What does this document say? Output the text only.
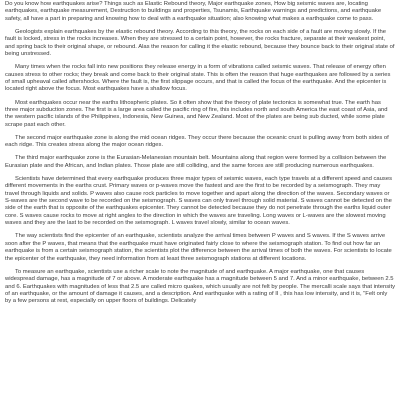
Do you know how earthquakes arise? Things such as Elastic Rebound theory, Major earthquake zones, How big seismic waves are, locating earthquakes, earthquake measurement, Destruction to buildings and properties, Tsunamis, Earthquake warnings and predictions, and earthquake safety, all have a part in preparing and knowing how to deal with a earthquake situation; also knowing what makes a earthquake come to pass.

Geologists explain earthquakes by the elastic rebound theory. According to this theory, the rocks on each side of a fault are moving slowly. If the fault is locked, stress in the rocks increases. When they are stressed to a certain point, however, the rocks fracture, separate at their weakest point, and spring back to their original shape, or rebound. Alas the reason for calling it the elastic rebound, because they bounce back to their original state of being unstressed.

Many times when the rocks fall into new positions they release energy in a form of vibrations called seismic waves. That release of energy often causes stress to other rocks; they break and come back to their original state. This is often the reason that huge earthquakes are followed by a series of small upheaval called aftershocks. Where the fault is, the first slippage occurs, and that is called the focus of the earthquake. And the epicenter is located right above the focus. Most earthquakes have a shallow focus.

Most earthquakes occur near the earths lithospheric plates. So it often show that the theory of plate tectonics is somewhat true. The earth has three major subduction zones. The first is a large area called the pacific ring of fire, this includes north and south America the east coast of Asia, and the western pacific islands of the Philippines, Indonesia, New Guinea, and New Zealand. Most of the plates are being sub ducted, while some plate scrape past each other.

The second major earthquake zone is along the mid ocean ridges. They occur there because the oceanic crust is pulling away from both sides of each ridge. This creates stress along the major ocean ridges.

The third major earthquake zone is the Eurasian-Melanesian mountain belt. Mountains along that region were formed by a collision between the Eurasian plate and the African, and Indian plates. Those plate are still colliding, and the same forces are still producing numerous earthquakes.

Scientists have determined that every earthquake produces three major types of seismic waves, each type travels at a different speed and causes different movements in the earths crust. Primary waves or p-waves move the fastest and are the first to be recorded by a seismograph. They may travel through liquids and solids. P waves also cause rock particles to move together and apart along the direction of the waves. Secondary waves or S-waves are the second wave to be recorded on the seismograph. S waves can only travel through solid material. S waves cannot be detected on the side of the earth that is opposite of the earthquakes epicenter. They cannot be detected because they do not penetrate through the earths liquid outer core. S waves cause rocks to move at right angles to the direction in which the waves are traveling. Long waves or L-waves are the slowest moving waves and they are the last to be recorded on the seismograph. L waves travel slowly, similar to ocean waves.

The way scientists find the epicenter of an earthquake, scientists analyze the arrival times between P waves and S waves. If the S waves arrive soon after the P waves, that means that the earthquake must have originated fairly close to where the seismograph station. To find out how far an earthquake is from a certain seismograph station, the scientists plot the difference between the arrival times of both the waves. For scientists to locate the epicenter of the earthquake, they need information from at least three seismograph stations at different locations.

To measure an earthquake, scientists use a richer scale to note the magnitude of and earthquake. A major earthquake, one that causes widespread damage, has a magnitude of 7 or above. A moderate earthquake has a magnitude between 5 and 7. And a minor earthquake, between 2.5 and 6. Earthquakes with magnitudes of less that 2.5 are called micro quakes, which usually are not felt by people. The mercalli scale says that intensity of an earthquake, or the amount of damage it causes, and a description. And earthquake with a rating of II , this has low intensity, and it is, "Felt only by a few persons at rest, especially on upper floors of buildings. Delicately
